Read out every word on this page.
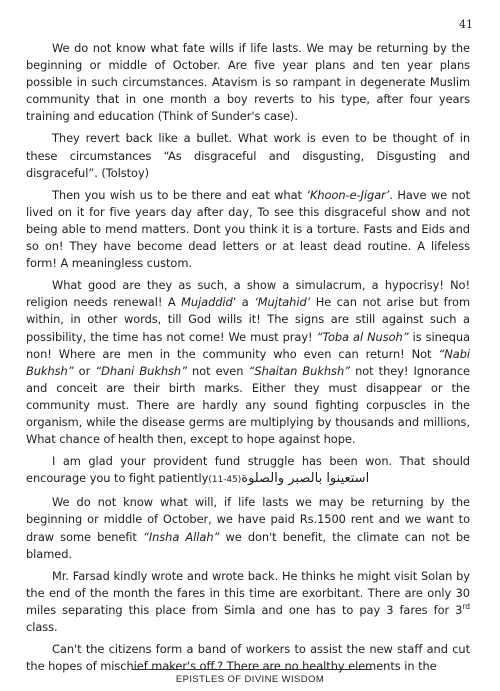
41

We do not know what fate wills if life lasts. We may be returning by the beginning or middle of October. Are five year plans and ten year plans possible in such circumstances. Atavism is so rampant in degenerate Muslim community that in one month a boy reverts to his type, after four years training and education (Think of Sunder's case).

They revert back like a bullet. What work is even to be thought of in these circumstances “As disgraceful and disgusting, Disgusting and disgraceful”. (Tolstoy)

Then you wish us to be there and eat what ‘Khoon-e-Jigar’. Have we not lived on it for five years day after day, To see this disgraceful show and not being able to mend matters. Dont you think it is a torture. Fasts and Eids and so on! They have become dead letters or at least dead routine. A lifeless form! A meaningless custom.

What good are they as such, a show a simulacrum, a hypocrisy! No! religion needs renewal! A Mujaddid’ a ‘Mujtahid’ He can not arise but from within, in other words, till God wills it! The signs are still against such a possibility, the time has not come! We must pray! “Toba al Nusoh” is sinequa non! Where are men in the community who even can return! Not “Nabi Bukhsh” or “Dhani Bukhsh” not even “Shaitan Bukhsh” not they! Ignorance and conceit are their birth marks. Either they must disappear or the community must. There are hardly any sound fighting corpuscles in the organism, while the disease germs are multiplying by thousands and millions, What chance of health then, except to hope against hope.

I am glad your provident fund struggle has been won. That should encourage you to fight patiently(11-45)استعينوا بالصبر والصلوة

We do not know what will, if life lasts we may be returning by the beginning or middle of October, we have paid Rs.1500 rent and we want to draw some benefit “Insha Allah” we don't benefit, the climate can not be blamed.

Mr. Farsad kindly wrote and wrote back. He thinks he might visit Solan by the end of the month the fares in this time are exorbitant. There are only 30 miles separating this place from Simla and one has to pay 3 fares for 3rd class.

Can't the citizens form a band of workers to assist the new staff and cut the hopes of mischief maker's off.? There are no healthy elements in the

EPISTLES OF DIVINE WISDOM
